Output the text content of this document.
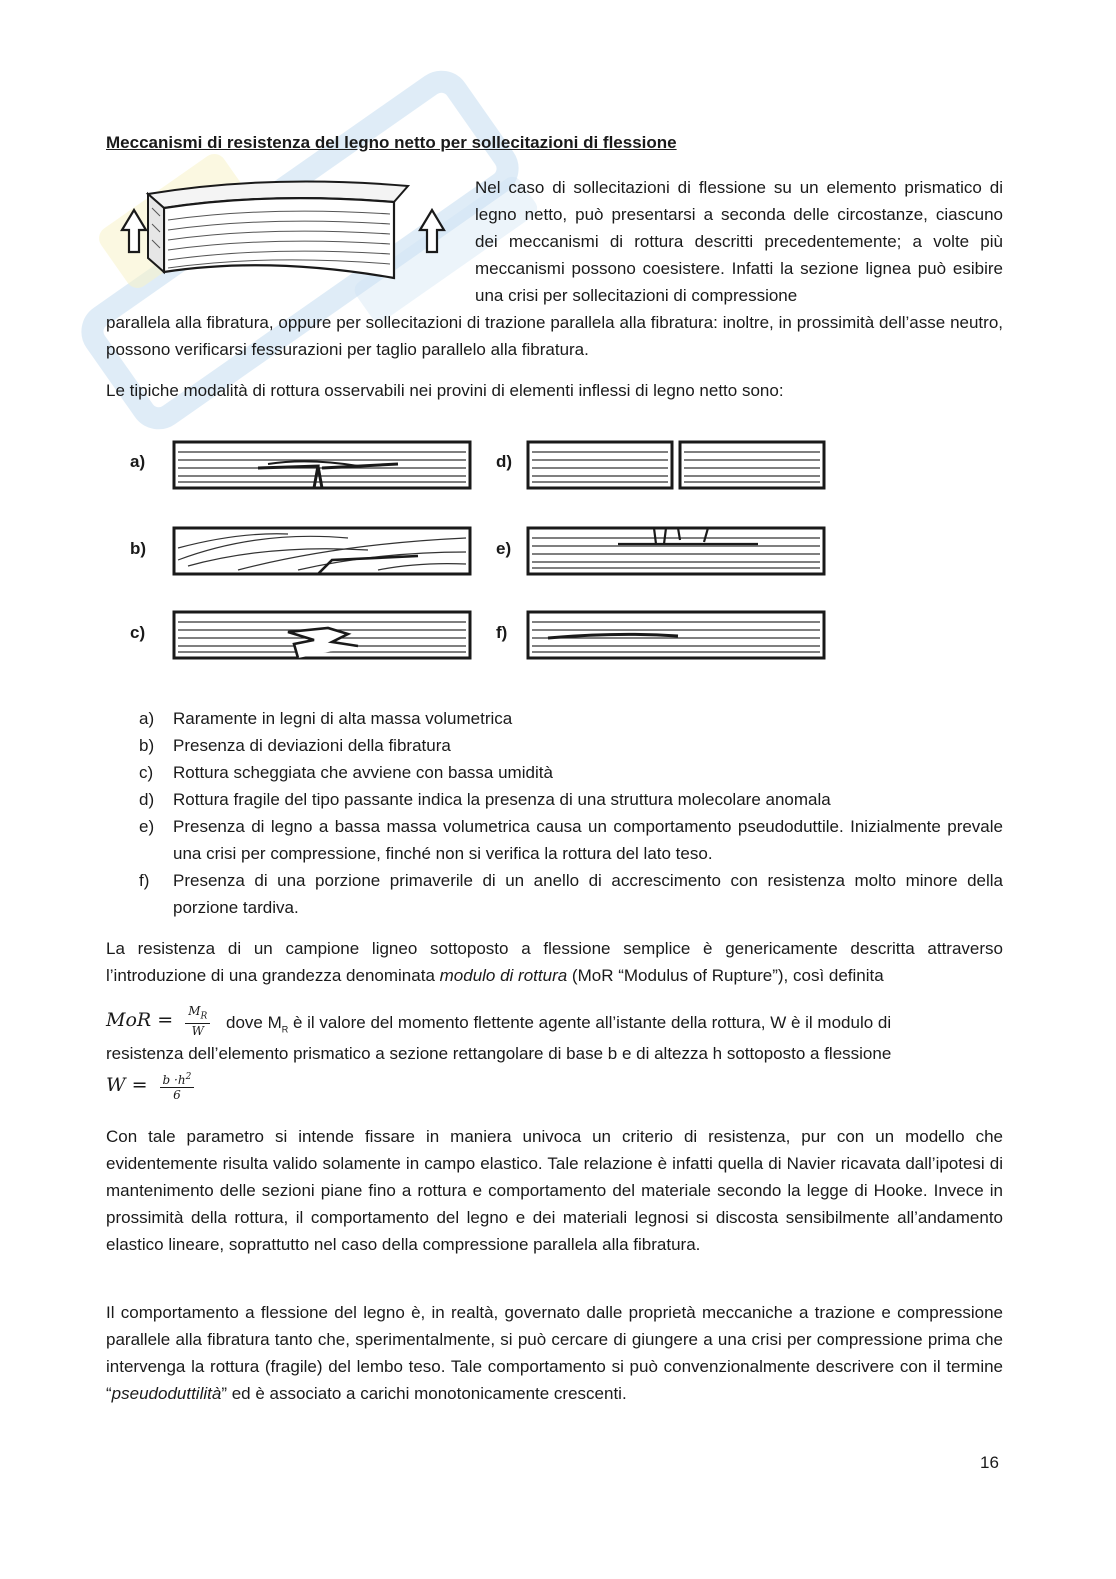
Meccanismi di resistenza del legno netto per sollecitazioni di flessione
Nel caso di sollecitazioni di flessione su un elemento prismatico di legno netto, può presentarsi a seconda delle circostanze, ciascuno dei meccanismi di rottura descritti precedentemente; a volte più meccanismi possono coesistere. Infatti la sezione lignea può esibire una crisi per sollecitazioni di compressione
parallela alla fibratura, oppure per sollecitazioni di trazione parallela alla fibratura: inoltre, in prossimità dell’asse neutro, possono verificarsi fessurazioni per taglio parallelo alla fibratura.
Le tipiche modalità di rottura osservabili nei provini di elementi inflessi di legno netto sono:
a)
b)
c)
d)
e)
f)
a) Raramente in legni di alta massa volumetrica
b) Presenza di deviazioni della fibratura
c) Rottura scheggiata che avviene con bassa umidità
d) Rottura fragile del tipo passante indica la presenza di una struttura molecolare anomala
e) Presenza di legno a bassa massa volumetrica causa un comportamento pseudoduttile. Inizialmente prevale una crisi per compressione, finché non si verifica la rottura del lato teso.
f) Presenza di una porzione primaverile di un anello di accrescimento con resistenza molto minore della porzione tardiva.
La resistenza di un campione ligneo sottoposto a flessione semplice è genericamente descritta attraverso l’introduzione di una grandezza denominata modulo di rottura (MoR “Modulus of Rupture”), così definita
MoR = $\frac{M_R}{W}$ dove $M_R$ è il valore del momento flettente agente all’istante della rottura, W è il modulo di
resistenza dell’elemento prismatico a sezione rettangolare di base b e di altezza h sottoposto a flessione
$W = \frac{b \cdot h^2}{6}$
Con tale parametro si intende fissare in maniera univoca un criterio di resistenza, pur con un modello che evidentemente risulta valido solamente in campo elastico. Tale relazione è infatti quella di Navier ricavata dall’ipotesi di mantenimento delle sezioni piane fino a rottura e comportamento del materiale secondo la legge di Hooke. Invece in prossimità della rottura, il comportamento del legno e dei materiali legnosi si discosta sensibilmente all’andamento elastico lineare, soprattutto nel caso della compressione parallela alla fibratura.
Il comportamento a flessione del legno è, in realtà, governato dalle proprietà meccaniche a trazione e compressione parallele alla fibratura tanto che, sperimentalmente, si può cercare di giungere a una crisi per compressione prima che intervenga la rottura (fragile) del lembo teso. Tale comportamento si può convenzionalmente descrivere con il termine “pseudoduttilità” ed è associato a carichi monotonicamente crescenti.
16
